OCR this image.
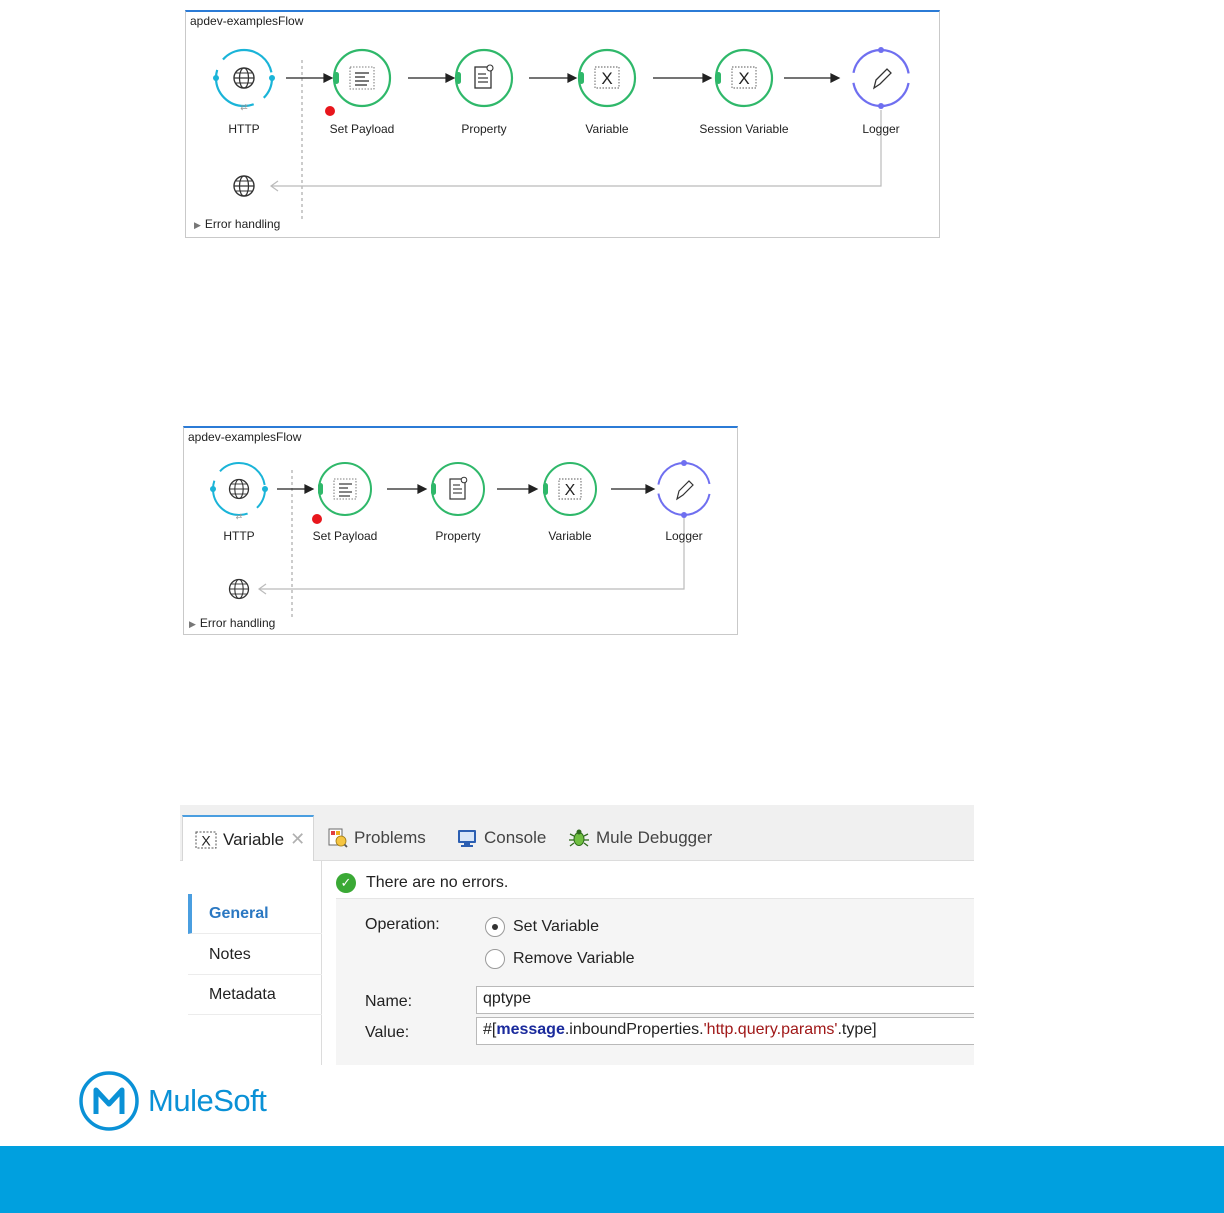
apdev-examplesFlow
⇄
X	X
HTTP	Set Payload	Property	Variable	Session Variable	Logger
▶ Error handling
apdev-examplesFlow
⇄
X
HTTP	Set Payload	Property	Variable	Logger
▶ Error handling
X Variable ✕	Problems	Console	Mule Debugger
General
Notes
Metadata
✓ There are no errors.
Operation:	Set Variable
Remove Variable
Name:	qptype
Value:	#[message.inboundProperties.'http.query.params'.type]
MuleSoft
